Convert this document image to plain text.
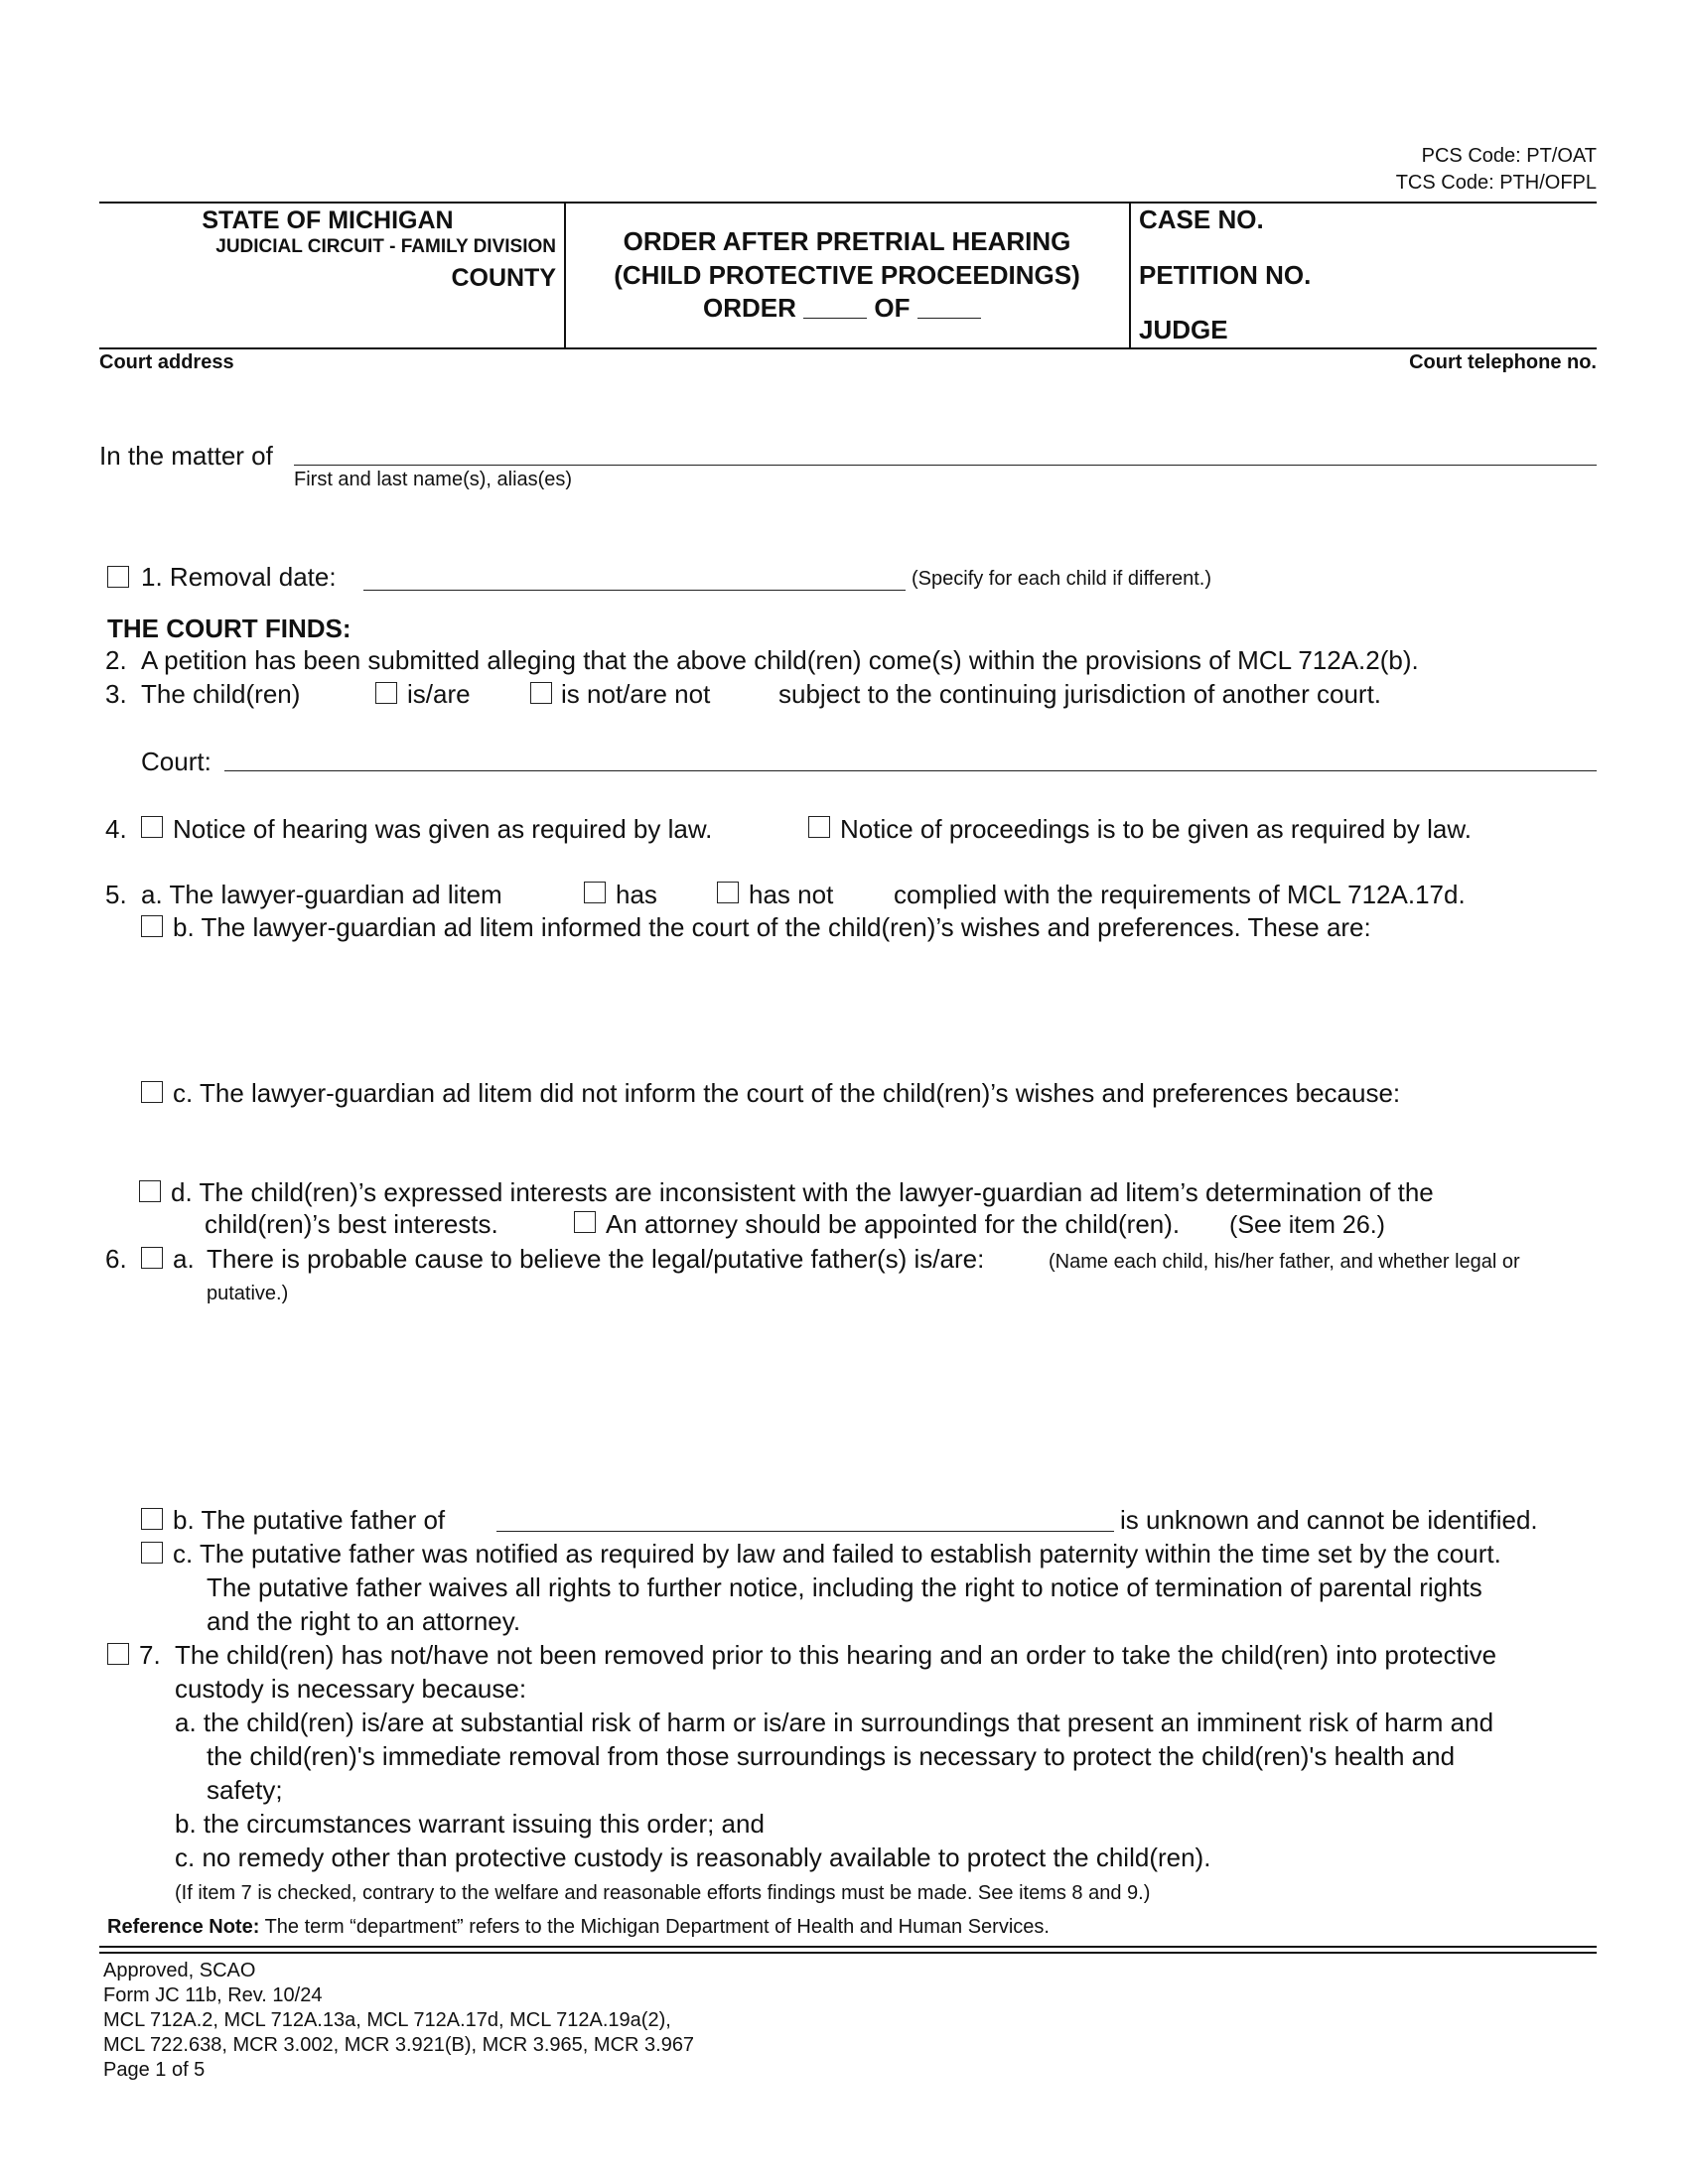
PCS Code: PT/OAT
TCS Code: PTH/OFPL
STATE OF MICHIGAN
JUDICIAL CIRCUIT - FAMILY DIVISION
COUNTY
ORDER AFTER PRETRIAL HEARING
(CHILD PROTECTIVE PROCEEDINGS)
ORDER	OF
CASE NO.
PETITION NO.
JUDGE
Court address	Court telephone no.
In the matter of
First and last name(s), alias(es)
1. Removal date:	(Specify for each child if different.)
THE COURT FINDS:
2. A petition has been submitted alleging that the above child(ren) come(s) within the provisions of MCL 712A.2(b).
3. The child(ren)	is/are	is not/are not	subject to the continuing jurisdiction of another court.
Court:
4. Notice of hearing was given as required by law.	Notice of proceedings is to be given as required by law.
5. a. The lawyer-guardian ad litem	has	has not complied with the requirements of MCL 712A.17d.
b. The lawyer-guardian ad litem informed the court of the child(ren)’s wishes and preferences. These are:
c. The lawyer-guardian ad litem did not inform the court of the child(ren)’s wishes and preferences because:
d. The child(ren)’s expressed interests are inconsistent with the lawyer-guardian ad litem’s determination of the
child(ren)’s best interests.	An attorney should be appointed for the child(ren). (See item 26.)
6. a. There is probable cause to believe the legal/putative father(s) is/are:	(Name each child, his/her father, and whether legal or
putative.)
b. The putative father of	is unknown and cannot be identified.
c. The putative father was notified as required by law and failed to establish paternity within the time set by the court.
The putative father waives all rights to further notice, including the right to notice of termination of parental rights
and the right to an attorney.
7. The child(ren) has not/have not been removed prior to this hearing and an order to take the child(ren) into protective
custody is necessary because:
a. the child(ren) is/are at substantial risk of harm or is/are in surroundings that present an imminent risk of harm and
the child(ren)'s immediate removal from those surroundings is necessary to protect the child(ren)'s health and
safety;
b. the circumstances warrant issuing this order; and
c. no remedy other than protective custody is reasonably available to protect the child(ren).
(If item 7 is checked, contrary to the welfare and reasonable efforts findings must be made. See items 8 and 9.)
Reference Note: The term “department” refers to the Michigan Department of Health and Human Services.
Approved, SCAO
Form JC 11b, Rev. 10/24
MCL 712A.2, MCL 712A.13a, MCL 712A.17d, MCL 712A.19a(2),
MCL 722.638, MCR 3.002, MCR 3.921(B), MCR 3.965, MCR 3.967
Page 1 of 5
